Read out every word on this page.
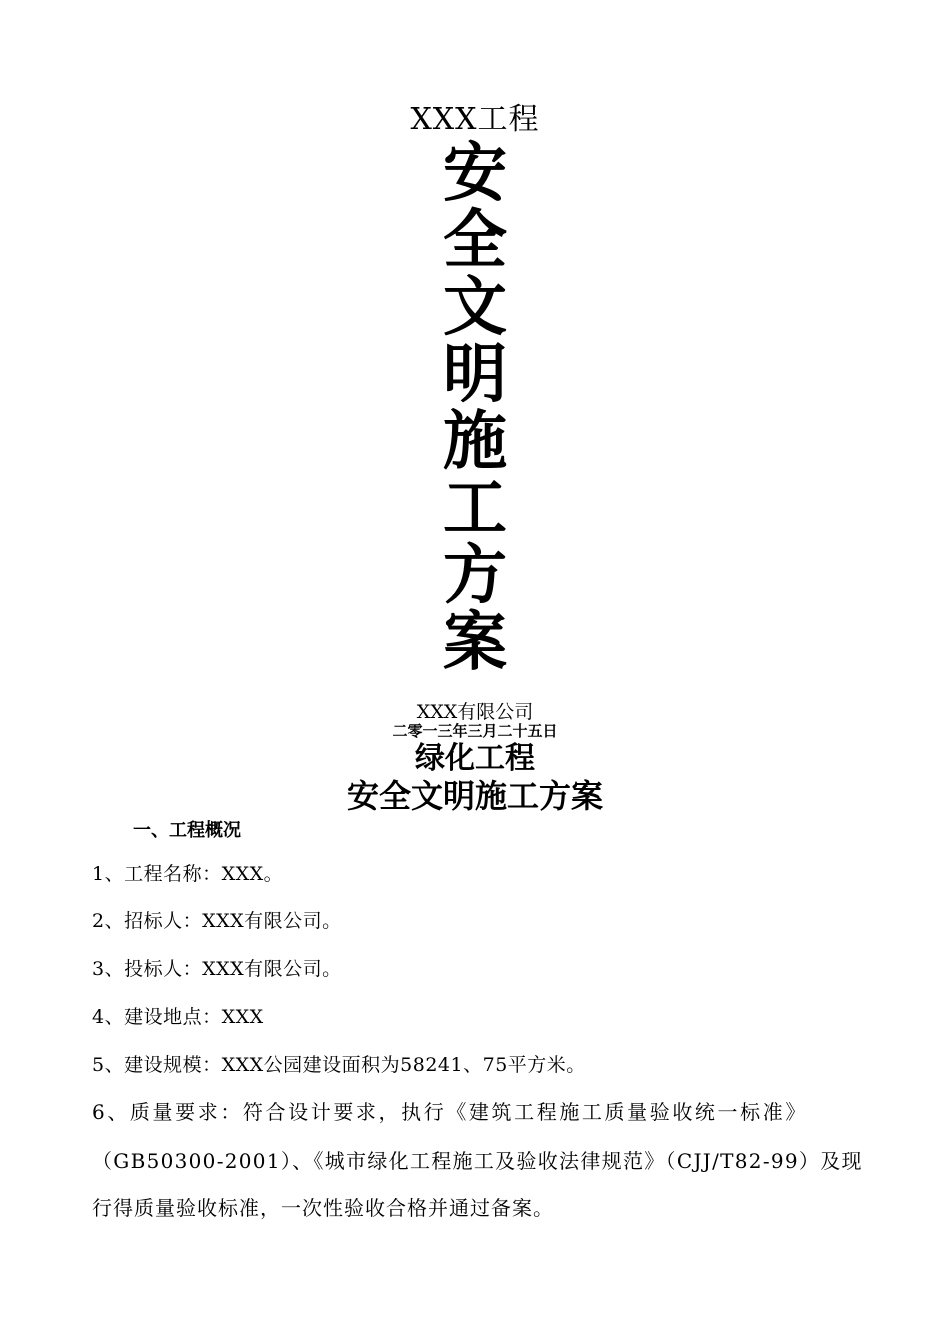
XXX工程
安
全
文
明
施
工
方
案
XXX有限公司
二零一三年三月二十五日
绿化工程
安全文明施工方案
一、工程概况
1、工程名称：XXX。
2、招标人：XXX有限公司。
3、投标人：XXX有限公司。
4、建设地点：XXX
5、建设规模：XXX公园建设面积为58241、75平方米。
6、质量要求：符合设计要求，执行《建筑工程施工质量验收统一标准》
（GB50300-2001）、《城市绿化工程施工及验收法律规范》（CJJ/T82-99）及现
行得质量验收标准，一次性验收合格并通过备案。
